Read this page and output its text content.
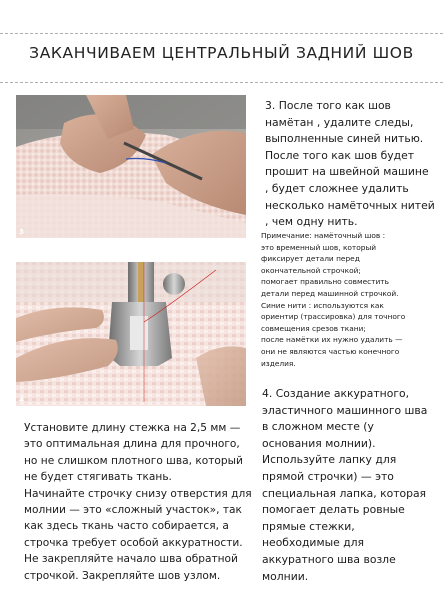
ЗАКАНЧИВАЕМ ЦЕНТРАЛЬНЫЙ ЗАДНИЙ ШОВ
3
4

3. После того как шов

намётан , удалите следы,

выполненные синей нитью.

После того как шов будет

прошит на швейной машине

, будет сложнее удалить

несколько намёточных нитей

, чем одну нить.

Примечание: намёточный шов :

это временный шов, который

фиксирует детали перед

окончательной строчкой;

помогает правильно совместить

детали перед машинной строчкой.

Синие нити : используются как

ориентир (трассировка) для точного

совмещения срезов ткани;

после намётки их нужно удалить —

они не являются частью конечного

изделия.

4. Создание аккуратного,

эластичного машинного шва

в сложном месте (у

основания молнии).

Используйте лапку для

прямой строчки) — это

специальная лапка, которая

помогает делать ровные

прямые стежки,

необходимые для

аккуратного шва возле

молнии.

Установите длину стежка на 2,5 мм —

это оптимальная длина для прочного,

но не слишком плотного шва, который

не будет стягивать ткань.

Начинайте строчку снизу отверстия для

молнии — это «сложный участок», так

как здесь ткань часто собирается, а

строчка требует особой аккуратности.

Не закрепляйте начало шва обратной

строчкой. Закрепляйте шов узлом.
